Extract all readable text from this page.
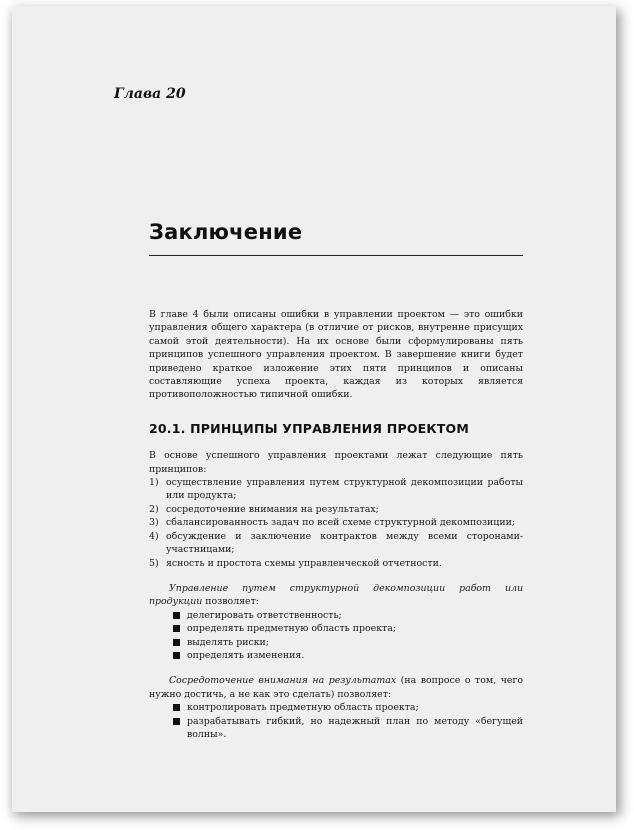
Глава 20
Заключение

В главе 4 были описаны ошибки в управлении проектом — это ошибки управления общего характера (в отличие от рисков, внутренне присущих самой этой деятельности). На их основе были сформулированы пять принципов успешного управления проектом. В завершение книги будет приведено краткое изложение этих пяти принципов и описаны составляющие успеха проекта, каждая из которых является противоположностью типичной ошибки.

20.1. ПРИНЦИПЫ УПРАВЛЕНИЯ ПРОЕКТОМ

В основе успешного управления проектами лежат следующие пять принципов:

1) осуществление управления путем структурной декомпозиции работы или продукта;
2) сосредоточение внимания на результатах;
3) сбалансированность задач по всей схеме структурной декомпозиции;
4) обсуждение и заключение контрактов между всеми сторонами-участницами;
5) ясность и простота схемы управленческой отчетности.

Управление путем структурной декомпозиции работ или продукции позволяет:

делегировать ответственность;
определять предметную область проекта;
выделять риски;
определять изменения.

Сосредоточение внимания на результатах (на вопросе о том, чего нужно достичь, а не как это сделать) позволяет:

контролировать предметную область проекта;
разрабатывать гибкий, но надежный план по методу «бегущей волны».
